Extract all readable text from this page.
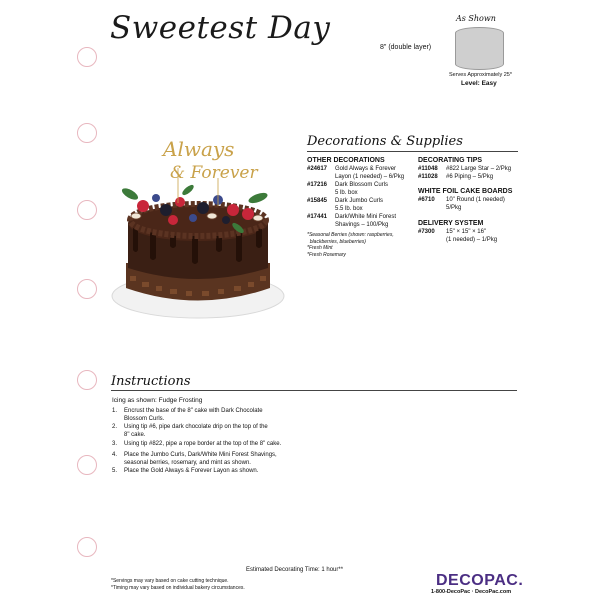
Sweetest Day	As Shown
8" (double layer)
Serves Approximately 25*
Level: Easy
Always
& Forever
Decorations & Supplies
OTHER DECORATIONS
#24617	Gold Always & Forever
Layon (1 needed) – 6/Pkg
#17216	Dark Blossom Curls
5 lb. box
#15845	Dark Jumbo Curls
5.5 lb. box
#17441	Dark/White Mini Forest
Shavings – 100/Pkg
*Seasonal Berries (shown: raspberries,
blackberries, blueberries)
*Fresh Mint
*Fresh Rosemary
DECORATING TIPS
#11048	#822 Large Star – 2/Pkg
#11028	#6 Piping – 5/Pkg
WHITE FOIL CAKE BOARDS
#6710	10" Round (1 needed)
5/Pkg
DELIVERY SYSTEM
#7300	15" × 15" × 16"
(1 needed) – 1/Pkg
Instructions
Icing as shown: Fudge Frosting
1.	Encrust the base of the 8" cake with Dark Chocolate
Blossom Curls.
2.	Using tip #6, pipe dark chocolate drip on the top of the
8" cake.
3.	Using tip #822, pipe a rope border at the top of the 8" cake.
4.	Place the Jumbo Curls, Dark/White Mini Forest Shavings,
seasonal berries, rosemary, and mint as shown.
5.	Place the Gold Always & Forever Layon as shown.
Estimated Decorating Time: 1 hour**
*Servings may vary based on cake cutting technique.
*Timing may vary based on individual bakery circumstances.	DECOPAC.
1-800-DecoPac · DecoPac.com
